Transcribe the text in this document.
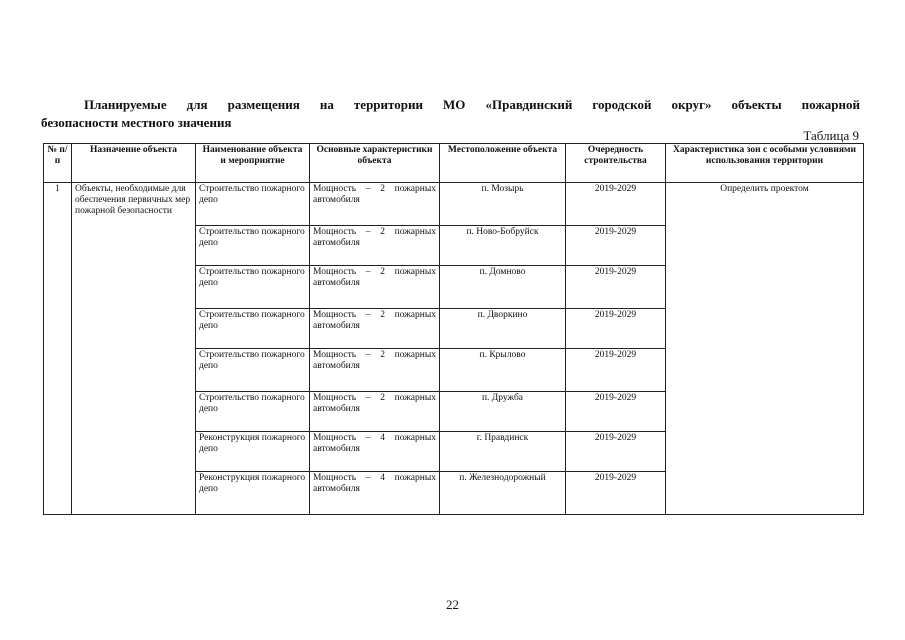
Планируемые для размещения на территории МО «Правдинский городской округ» объекты пожарной
безопасности местного значения
Таблица 9
№ п/п	Назначение объекта	Наименование объекта и мероприятие	Основные характеристики объекта	Местоположение объекта	Очередность строительства	Характеристика зон с особыми условиями использования территории
1	Объекты, необходимые для обеспечения первичных мер пожарной безопасности	Строительство пожарного депо	Мощность – 2 пожарных автомобиля	п. Мозырь	2019-2029	Определить проектом
		Строительство пожарного депо	Мощность – 2 пожарных автомобиля	п. Ново-Бобруйск	2019-2029	
		Строительство пожарного депо	Мощность – 2 пожарных автомобиля	п. Домново	2019-2029	
		Строительство пожарного депо	Мощность – 2 пожарных автомобиля	п. Дворкино	2019-2029	
		Строительство пожарного депо	Мощность – 2 пожарных автомобиля	п. Крылово	2019-2029	
		Строительство пожарного депо	Мощность – 2 пожарных автомобиля	п. Дружба	2019-2029	
		Реконструкция пожарного депо	Мощность – 4 пожарных автомобиля	г. Правдинск	2019-2029	
		Реконструкция пожарного депо	Мощность – 4 пожарных автомобиля	п. Железнодорожный	2019-2029	
22
